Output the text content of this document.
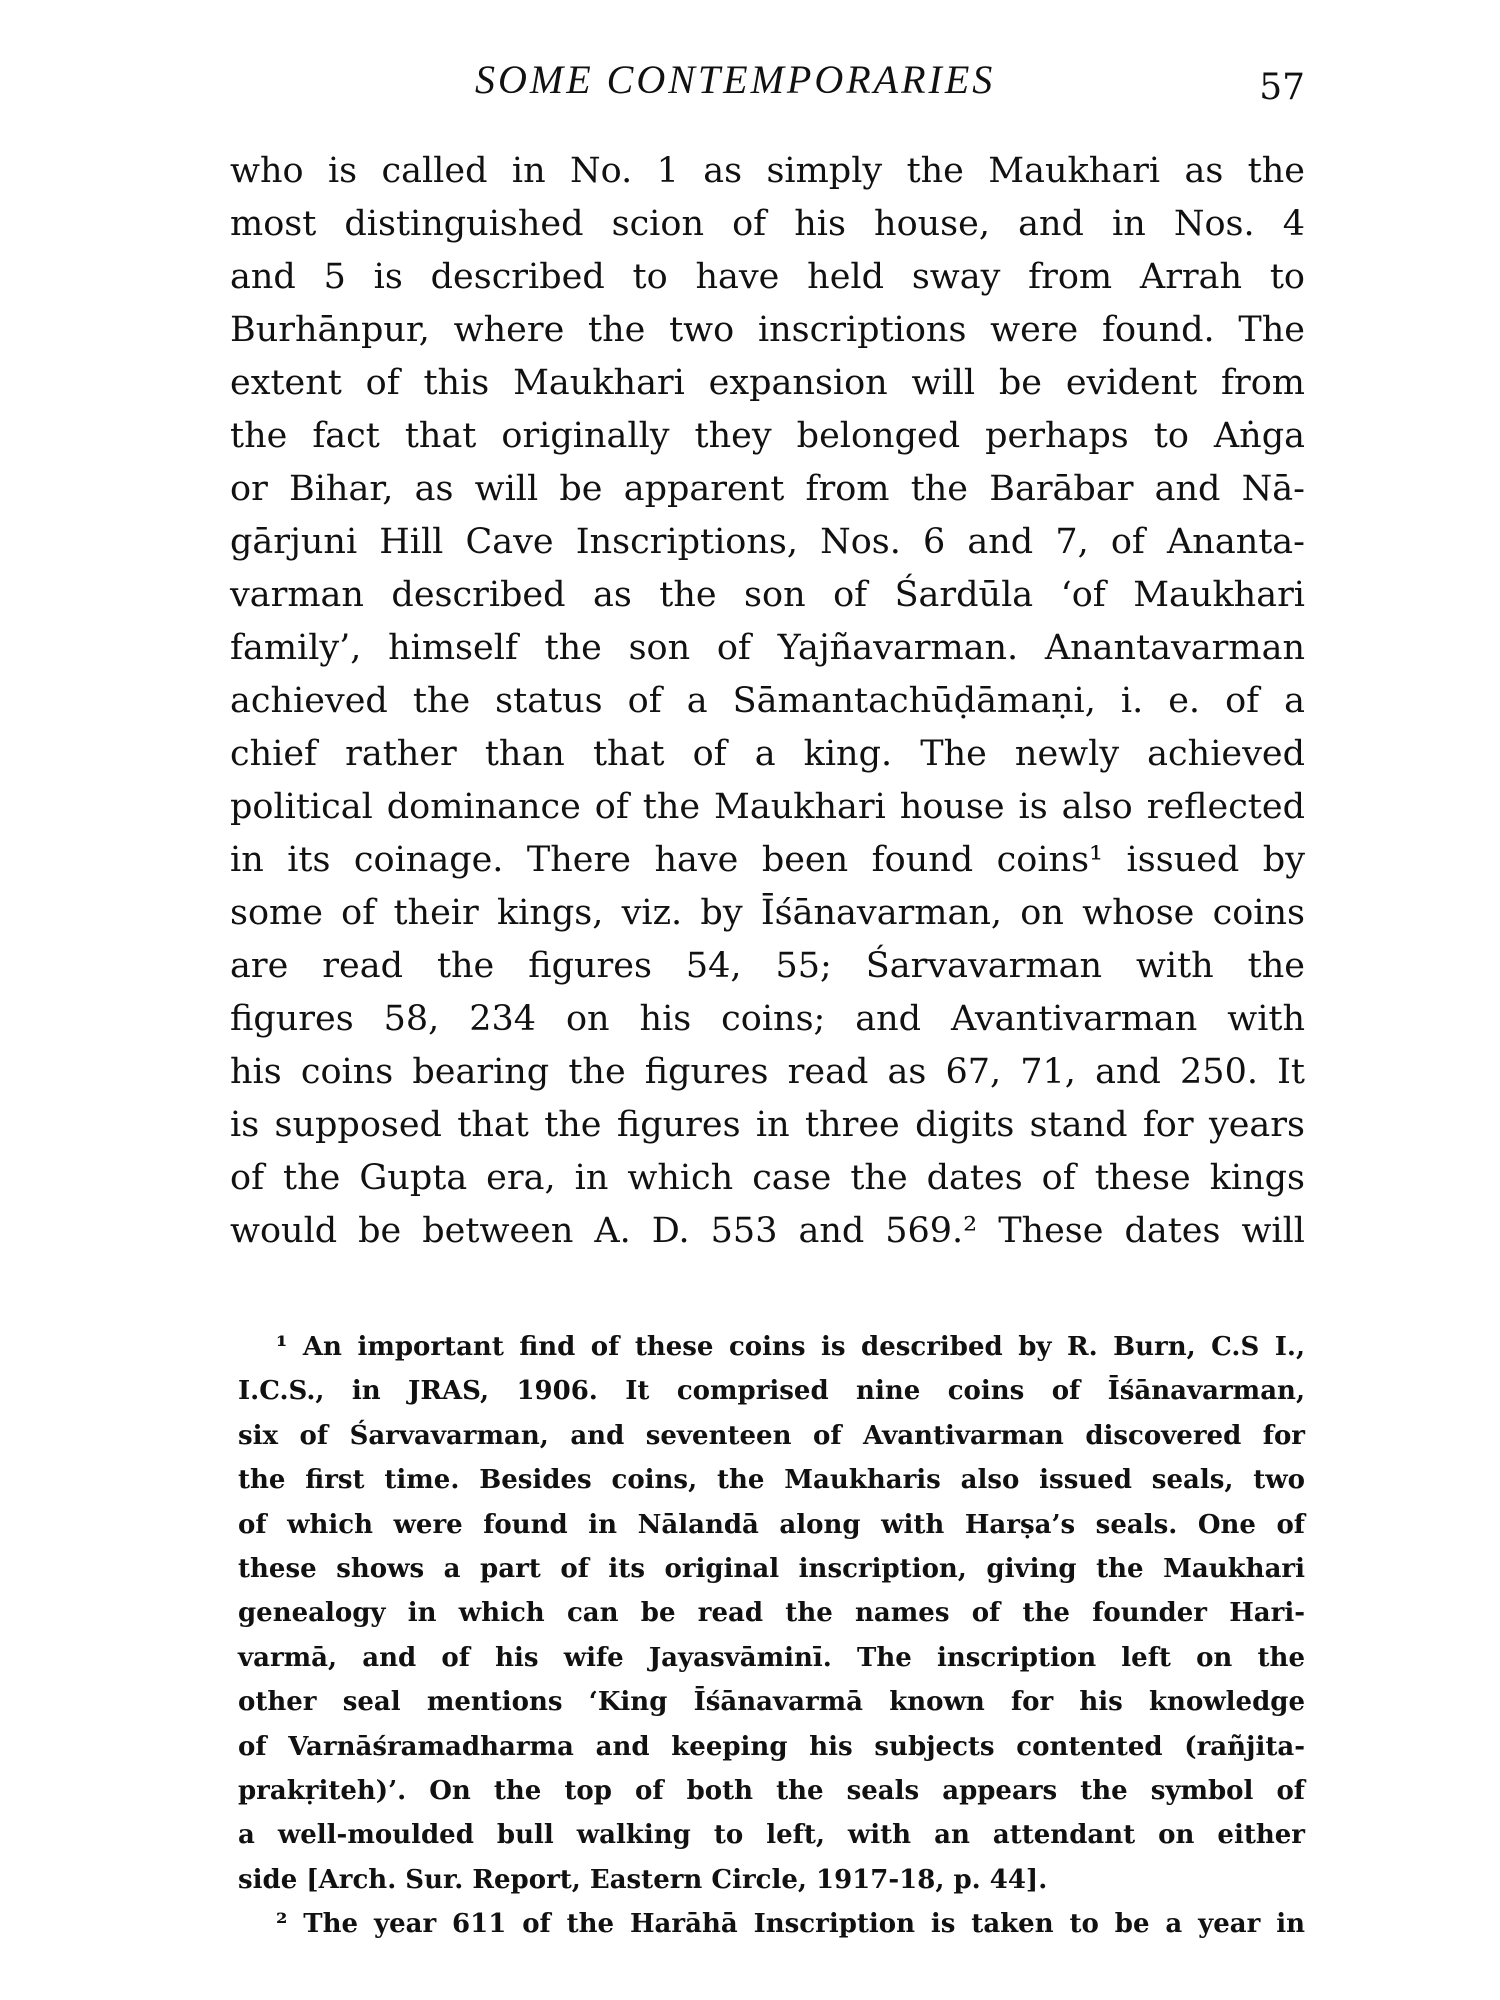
SOME CONTEMPORARIES	57
who is called in No. 1 as simply the Maukhari as the
most distinguished scion of his house, and in Nos. 4
and 5 is described to have held sway from Arrah to
Burhānpur, where the two inscriptions were found. The
extent of this Maukhari expansion will be evident from
the fact that originally they belonged perhaps to Aṅga
or Bihar, as will be apparent from the Barābar and Nā-
gārjuni Hill Cave Inscriptions, Nos. 6 and 7, of Ananta-
varman described as the son of Śardūla ‘of Maukhari
family’, himself the son of Yajñavarman. Anantavarman
achieved the status of a Sāmantachūḍāmaṇi, i. e. of a
chief rather than that of a king. The newly achieved
political dominance of the Maukhari house is also reflected
in its coinage. There have been found coins¹ issued by
some of their kings, viz. by Īśānavarman, on whose coins
are read the figures 54, 55; Śarvavarman with the
figures 58, 234 on his coins; and Avantivarman with
his coins bearing the figures read as 67, 71, and 250. It
is supposed that the figures in three digits stand for years
of the Gupta era, in which case the dates of these kings
would be between A. D. 553 and 569.² These dates will
¹ An important find of these coins is described by R. Burn, C.S I.,
I.C.S., in JRAS, 1906. It comprised nine coins of Īśānavarman,
six of Śarvavarman, and seventeen of Avantivarman discovered for
the first time. Besides coins, the Maukharis also issued seals, two
of which were found in Nālandā along with Harṣa’s seals. One of
these shows a part of its original inscription, giving the Maukhari
genealogy in which can be read the names of the founder Hari-
varmā, and of his wife Jayasvāminī. The inscription left on the
other seal mentions ‘King Īśānavarmā known for his knowledge
of Varnāśramadharma and keeping his subjects contented (rañjita-
prakṛiteh)’. On the top of both the seals appears the symbol of
a well-moulded bull walking to left, with an attendant on either
side [Arch. Sur. Report, Eastern Circle, 1917-18, p. 44].
² The year 611 of the Harāhā Inscription is taken to be a year in
